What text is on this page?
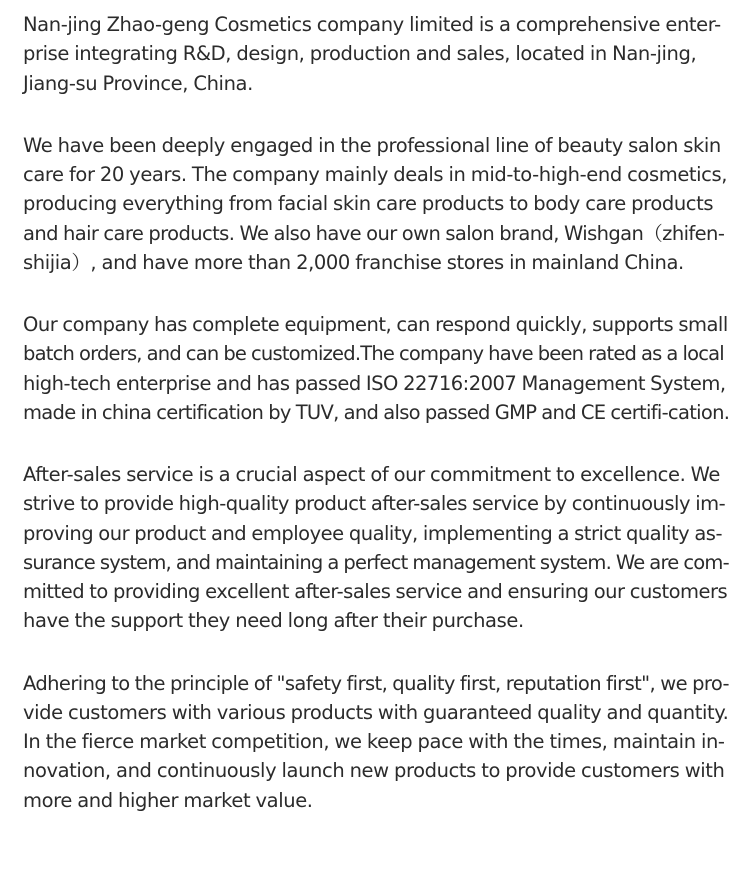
Nan-jing Zhao-geng Cosmetics company limited is a comprehensive enter-
prise integrating R&D, design, production and sales, located in Nan-jing,
Jiang-su Province, China.

We have been deeply engaged in the professional line of beauty salon skin
care for 20 years. The company mainly deals in mid-to-high-end cosmetics,
producing everything from facial skin care products to body care products
and hair care products. We also have our own salon brand, Wishgan（zhifen-
shijia）, and have more than 2,000 franchise stores in mainland China.

Our company has complete equipment, can respond quickly, supports small
batch orders, and can be customized.The company have been rated as a local
high-tech enterprise and has passed ISO 22716:2007 Management System,
made in china certification by TUV, and also passed GMP and CE certifi-cation.

After-sales service is a crucial aspect of our commitment to excellence. We
strive to provide high-quality product after-sales service by continuously im-
proving our product and employee quality, implementing a strict quality as-
surance system, and maintaining a perfect management system. We are com-
mitted to providing excellent after-sales service and ensuring our customers
have the support they need long after their purchase.

Adhering to the principle of "safety first, quality first, reputation first", we pro-
vide customers with various products with guaranteed quality and quantity.
In the fierce market competition, we keep pace with the times, maintain in-
novation, and continuously launch new products to provide customers with
more and higher market value.
